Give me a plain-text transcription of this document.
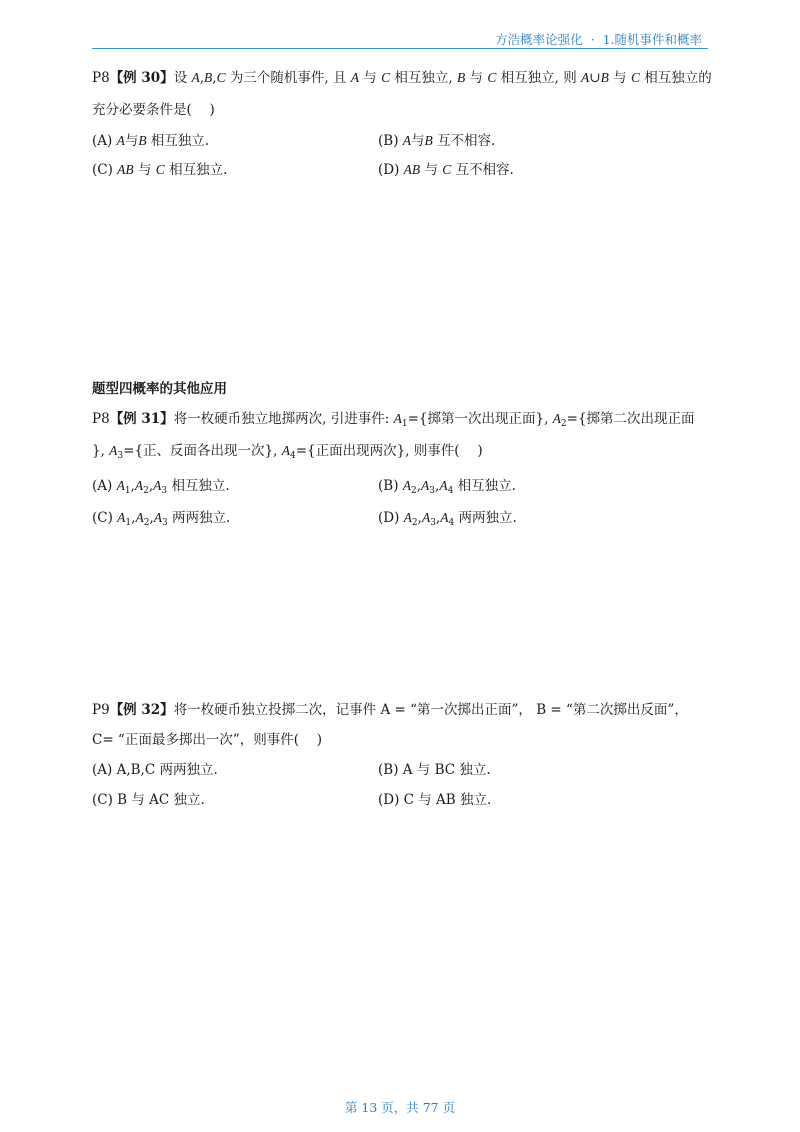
方浩概率论强化 · 1.随机事件和概率
P8【例 30】设 A,B,C 为三个随机事件, 且 A 与 C 相互独立, B 与 C 相互独立, 则 A∪B 与 C 相互独立的
充分必要条件是(　 )
(A) A与B 相互独立.	(B) A与B 互不相容.
(C) AB 与 C 相互独立.	(D) AB 与 C 互不相容.
题型四概率的其他应用
P8【例 31】将一枚硬币独立地掷两次, 引进事件: $A_1=${掷第一次出现正面}, $A_2=${掷第二次出现正面
}, $A_3=${正、反面各出现一次}, $A_4=${正面出现两次}, 则事件(　 )
(A) $A_1,A_2,A_3$ 相互独立.	(B) $A_2,A_3,A_4$ 相互独立.
(C) $A_1,A_2,A_3$ 两两独立.	(D) $A_2,A_3,A_4$ 两两独立.
P9【例 32】将一枚硬币独立投掷二次，记事件 A = “第一次掷出正面”， B = “第二次掷出反面”，
C= “正面最多掷出一次”，则事件(　 )
(A) A,B,C 两两独立.	(B) A 与 BC 独立.
(C) B 与 AC 独立.	(D) C 与 AB 独立.
第 13 页，共 77 页
